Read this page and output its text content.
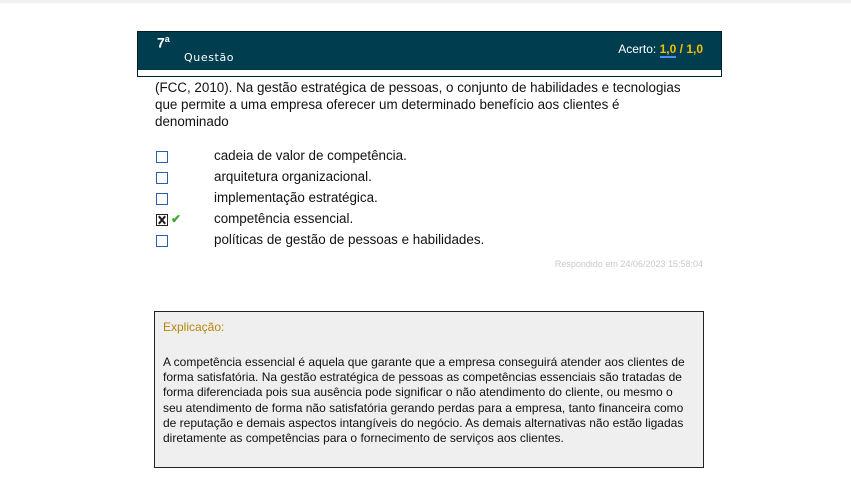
7$^a$
Questão
Acerto: 1,0 / 1,0
(FCC, 2010). Na gestão estratégica de pessoas, o conjunto de habilidades e tecnologias que permite a uma empresa oferecer um determinado benefício aos clientes é denominado
cadeia de valor de competência.
arquitetura organizacional.
implementação estratégica.
✔ competência essencial.
políticas de gestão de pessoas e habilidades.
Respondido em 24/06/2023 15:58:04
Explicação:
A competência essencial é aquela que garante que a empresa conseguirá atender aos clientes de forma satisfatória. Na gestão estratégica de pessoas as competências essenciais são tratadas de forma diferenciada pois sua ausência pode significar o não atendimento do cliente, ou mesmo o seu atendimento de forma não satisfatória gerando perdas para a empresa, tanto financeira como de reputação e demais aspectos intangíveis do negócio. As demais alternativas não estão ligadas diretamente as competências para o fornecimento de serviços aos clientes.
